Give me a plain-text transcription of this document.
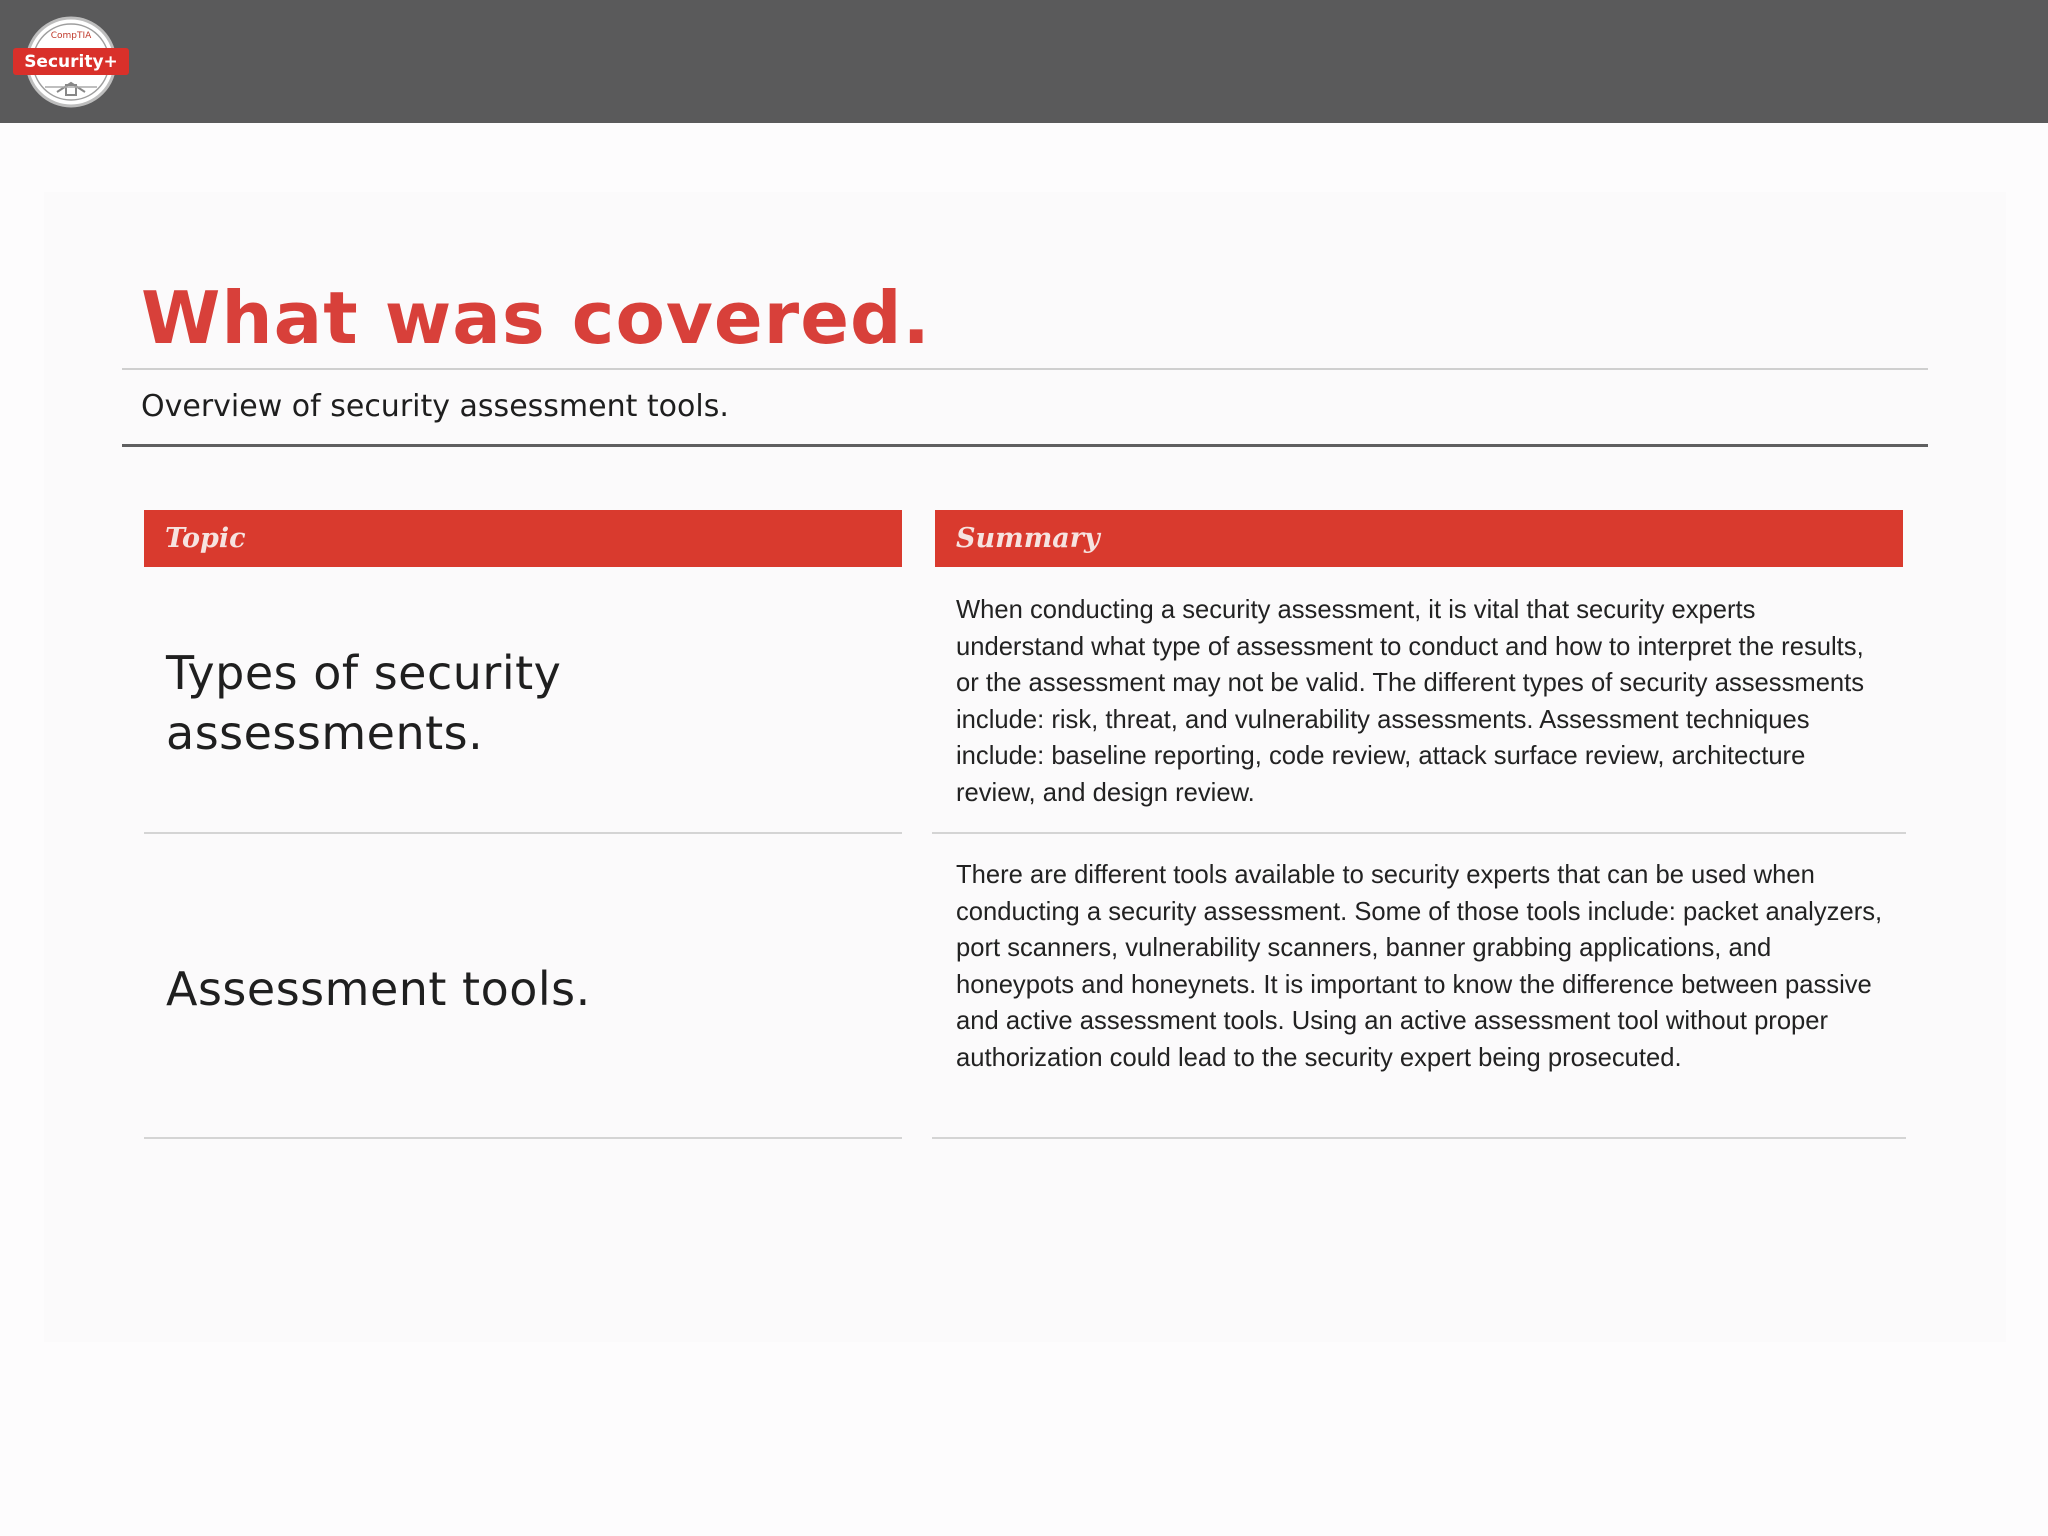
CompTIA
Security+
What was covered.

Overview of security assessment tools.

Topic	Summary

Types of security
assessments.

When conducting a security assessment, it is vital that security experts understand what type of assessment to conduct and how to interpret the results, or the assessment may not be valid. The different types of security assessments include: risk, threat, and vulnerability assessments. Assessment techniques include: baseline reporting, code review, attack surface review, architecture review, and design review.

Assessment tools.

There are different tools available to security experts that can be used when conducting a security assessment. Some of those tools include: packet analyzers, port scanners, vulnerability scanners, banner grabbing applications, and honeypots and honeynets. It is important to know the difference between passive and active assessment tools. Using an active assessment tool without proper authorization could lead to the security expert being prosecuted.
